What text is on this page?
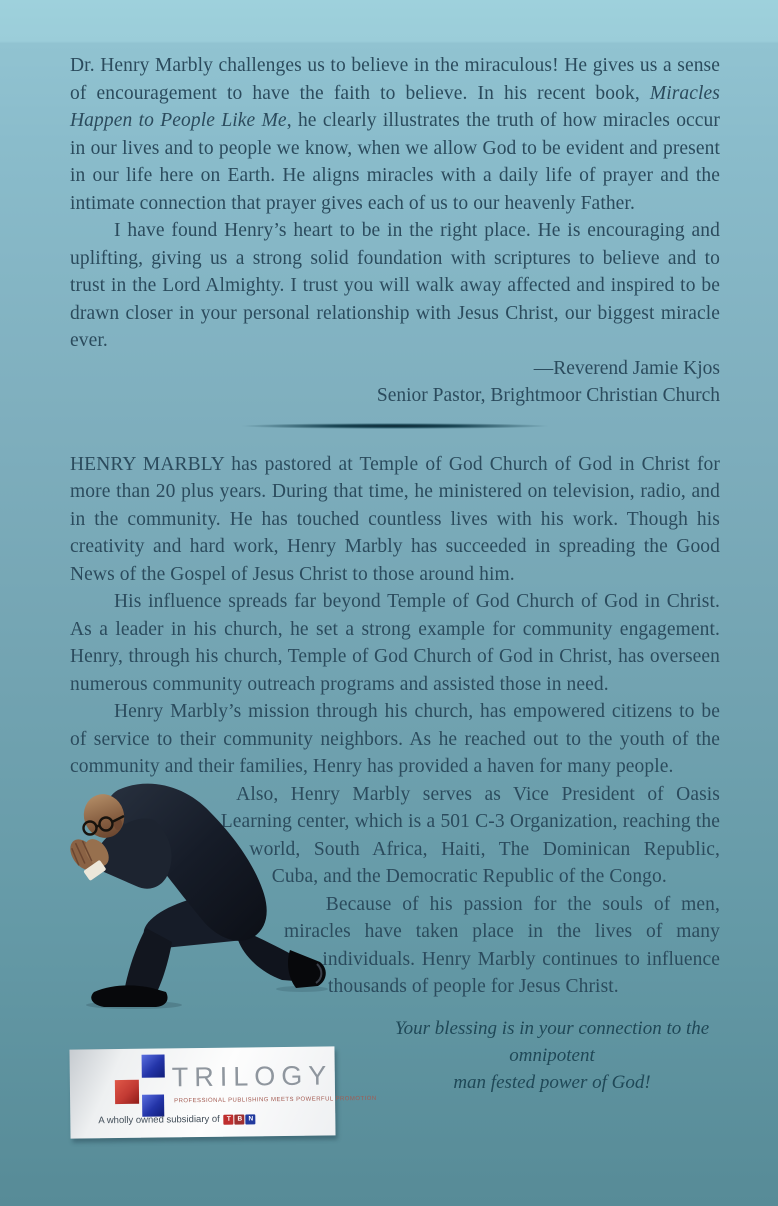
Dr. Henry Marbly challenges us to believe in the miraculous! He gives us a sense of encouragement to have the faith to believe. In his recent book, Miracles Happen to People Like Me, he clearly illustrates the truth of how miracles occur in our lives and to people we know, when we allow God to be evident and present in our life here on Earth. He aligns miracles with a daily life of prayer and the intimate connection that prayer gives each of us to our heavenly Father.

I have found Henry’s heart to be in the right place. He is encouraging and uplifting, giving us a strong solid foundation with scriptures to believe and to trust in the Lord Almighty. I trust you will walk away affected and inspired to be drawn closer in your personal relationship with Jesus Christ, our biggest miracle ever.

—Reverend Jamie Kjos
Senior Pastor, Brightmoor Christian Church

HENRY MARBLY has pastored at Temple of God Church of God in Christ for more than 20 plus years. During that time, he ministered on television, radio, and in the community. He has touched countless lives with his work. Though his creativity and hard work, Henry Marbly has succeeded in spreading the Good News of the Gospel of Jesus Christ to those around him.

His influence spreads far beyond Temple of God Church of God in Christ. As a leader in his church, he set a strong example for community engagement. Henry, through his church, Temple of God Church of God in Christ, has overseen numerous community outreach programs and assisted those in need.

Henry Marbly’s mission through his church, has empowered citizens to be of service to their community neighbors. As he reached out to the youth of the community and their families, Henry has provided a haven for many people.

Also, Henry Marbly serves as Vice President of Oasis Learning center, which is a 501 C-3 Organization, reaching the world, South Africa, Haiti, The Dominican Republic, Cuba, and the Democratic Republic of the Congo.

Because of his passion for the souls of men, miracles have taken place in the lives of many individuals. Henry Marbly continues to influence thousands of people for Jesus Christ.

Your blessing is in your connection to the omnipotent
man fested power of God!
TRILOGY
PROFESSIONAL PUBLISHING MEETS POWERFUL PROMOTION
A wholly owned subsidiary of	T	B N
